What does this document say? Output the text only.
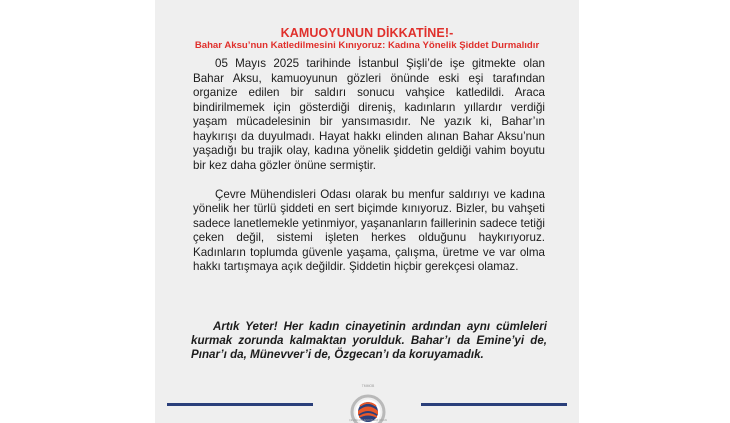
KAMUOYUNUN DİKKATİNE!-
Bahar Aksu’nun Katledilmesini Kınıyoruz: Kadına Yönelik Şiddet Durmalıdır

05 Mayıs 2025 tarihinde İstanbul Şişli’de işe gitmekte olan Bahar Aksu, kamuoyunun gözleri önünde eski eşi tarafından organize edilen bir saldırı sonucu vahşice katledildi. Araca bindirilmemek için gösterdiği direniş, kadınların yıllardır verdiği yaşam mücadelesinin bir yansımasıdır. Ne yazık ki, Bahar’ın haykırışı da duyulmadı. Hayat hakkı elinden alınan Bahar Aksu’nun yaşadığı bu trajik olay, kadına yönelik şiddetin geldiği vahim boyutu bir kez daha gözler önüne sermiştir.

Çevre Mühendisleri Odası olarak bu menfur saldırıyı ve kadına yönelik her türlü şiddeti en sert biçimde kınıyoruz. Bizler, bu vahşeti sadece lanetlemekle yetinmiyor, yaşananların faillerinin sadece tetiği çeken değil, sistemi işleten herkes olduğunu haykırıyoruz. Kadınların toplumda güvenle yaşama, çalışma, üretme ve var olma hakkı tartışmaya açık değildir. Şiddetin hiçbir gerekçesi olamaz.

Artık Yeter! Her kadın cinayetinin ardından aynı cümleleri kurmak zorunda kalmaktan yorulduk. Bahar’ı da Emine’yi de, Pınar’ı da, Münevver’i de, Özgecan’ı da koruyamadık.

TMMOB
ÇEVRE MÜHENDİSLERİ ODASI
